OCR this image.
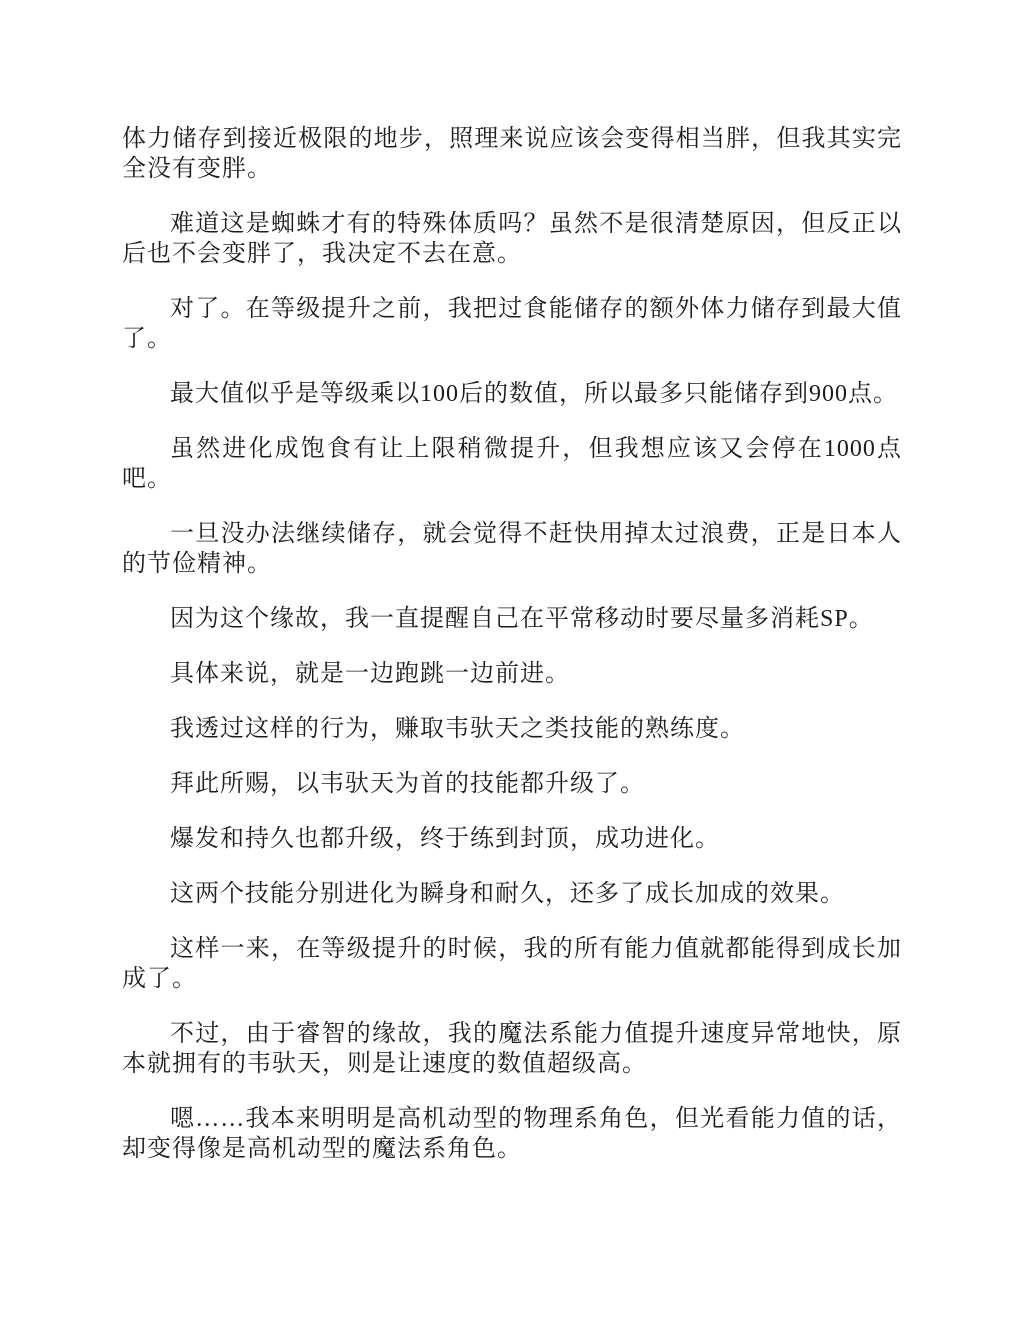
体力储存到接近极限的地步，照理来说应该会变得相当胖，但我其实完全没有变胖。

难道这是蜘蛛才有的特殊体质吗？虽然不是很清楚原因，但反正以后也不会变胖了，我决定不去在意。

对了。在等级提升之前，我把过食能储存的额外体力储存到最大值了。

最大值似乎是等级乘以100后的数值，所以最多只能储存到900点。

虽然进化成饱食有让上限稍微提升，但我想应该又会停在1000点吧。

一旦没办法继续储存，就会觉得不赶快用掉太过浪费，正是日本人的节俭精神。

因为这个缘故，我一直提醒自己在平常移动时要尽量多消耗SP。

具体来说，就是一边跑跳一边前进。

我透过这样的行为，赚取韦驮天之类技能的熟练度。

拜此所赐，以韦驮天为首的技能都升级了。

爆发和持久也都升级，终于练到封顶，成功进化。

这两个技能分别进化为瞬身和耐久，还多了成长加成的效果。

这样一来，在等级提升的时候，我的所有能力值就都能得到成长加成了。

不过，由于睿智的缘故，我的魔法系能力值提升速度异常地快，原本就拥有的韦驮天，则是让速度的数值超级高。

嗯……我本来明明是高机动型的物理系角色，但光看能力值的话，却变得像是高机动型的魔法系角色。
